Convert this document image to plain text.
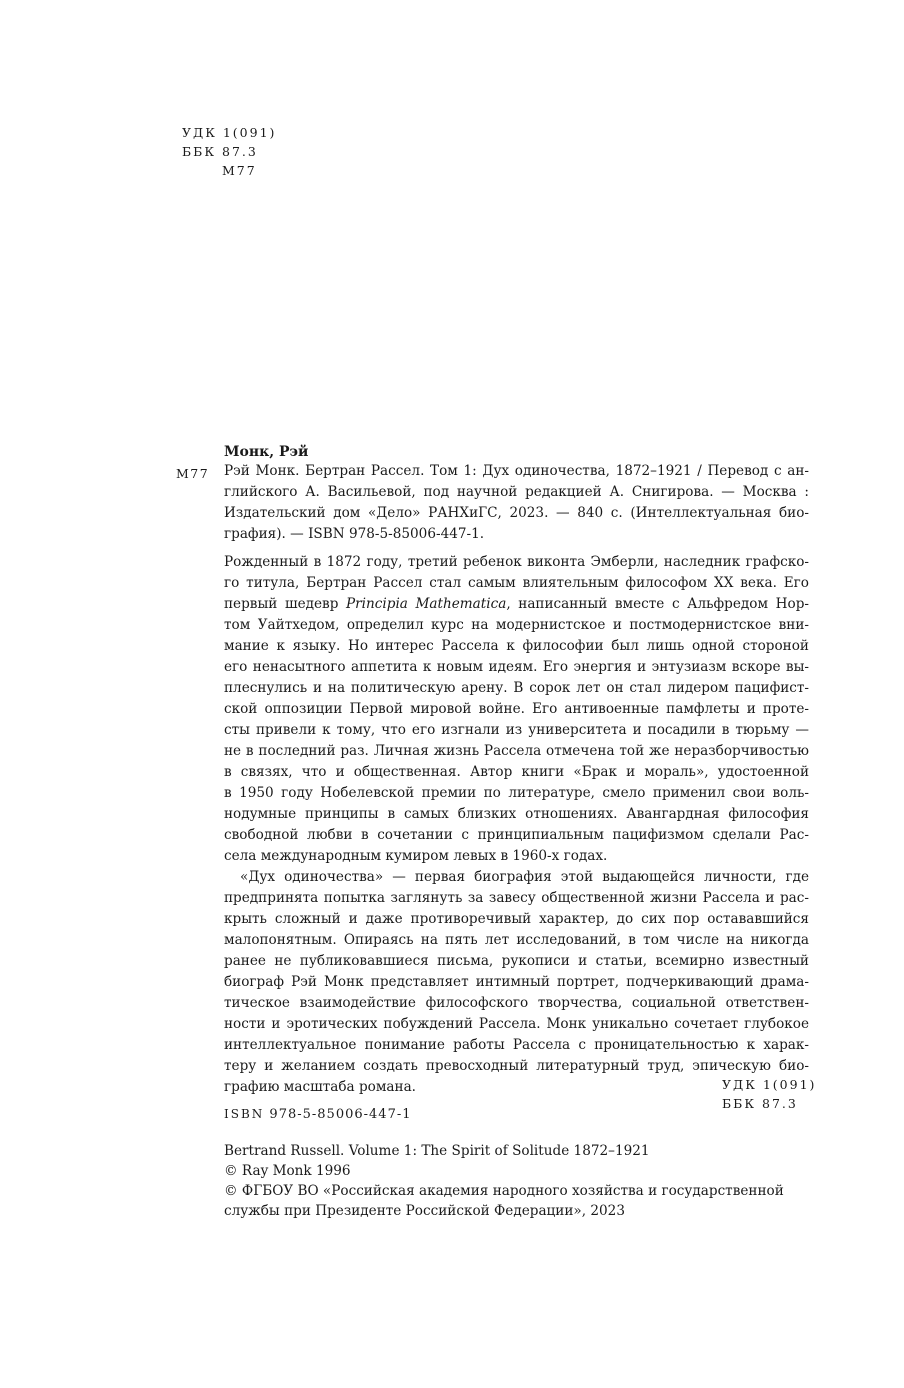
УДК 1(091)
ББК 87.3
М77
Монк, Рэй
М77 Рэй Монк. Бертран Рассел. Том 1: Дух одиночества, 1872–1921 / Перевод с ан-
глийского А. Васильевой, под научной редакцией А. Снигирова. — Москва :
Издательский дом «Дело» РАНХиГС, 2023. — 840 с. (Интеллектуальная био-
графия). — ISBN 978-5-85006-447-1.
Рожденный в 1872 году, третий ребенок виконта Эмберли, наследник графско-
го титула, Бертран Рассел стал самым влиятельным философом XX века. Его
первый шедевр Principia Mathematica, написанный вместе с Альфредом Нор-
том Уайтхедом, определил курс на модернистское и постмодернистское вни-
мание к языку. Но интерес Рассела к философии был лишь одной стороной
его ненасытного аппетита к новым идеям. Его энергия и энтузиазм вскоре вы-
плеснулись и на политическую арену. В сорок лет он стал лидером пацифист-
ской оппозиции Первой мировой войне. Его антивоенные памфлеты и проте-
сты привели к тому, что его изгнали из университета и посадили в тюрьму —
не в последний раз. Личная жизнь Рассела отмечена той же неразборчивостью
в связях, что и общественная. Автор книги «Брак и мораль», удостоенной
в 1950 году Нобелевской премии по литературе, смело применил свои воль-
нодумные принципы в самых близких отношениях. Авангардная философия
свободной любви в сочетании с принципиальным пацифизмом сделали Рас-
села международным кумиром левых в 1960-х годах.
«Дух одиночества» — первая биография этой выдающейся личности, где
предпринята попытка заглянуть за завесу общественной жизни Рассела и рас-
крыть сложный и даже противоречивый характер, до сих пор остававшийся
малопонятным. Опираясь на пять лет исследований, в том числе на никогда
ранее не публиковавшиеся письма, рукописи и статьи, всемирно известный
биограф Рэй Монк представляет интимный портрет, подчеркивающий драма-
тическое взаимодействие философского творчества, социальной ответствен-
ности и эротических побуждений Рассела. Монк уникально сочетает глубокое
интеллектуальное понимание работы Рассела с проницательностью к харак-
теру и желанием создать превосходный литературный труд, эпическую био-
графию масштаба романа.	УДК 1(091)
ББК 87.3
ISBN 978-5-85006-447-1
Bertrand Russell. Volume 1: The Spirit of Solitude 1872–1921
© Ray Monk 1996
© ФГБОУ ВО «Российская академия народного хозяйства и государственной
службы при Президенте Российской Федерации», 2023
